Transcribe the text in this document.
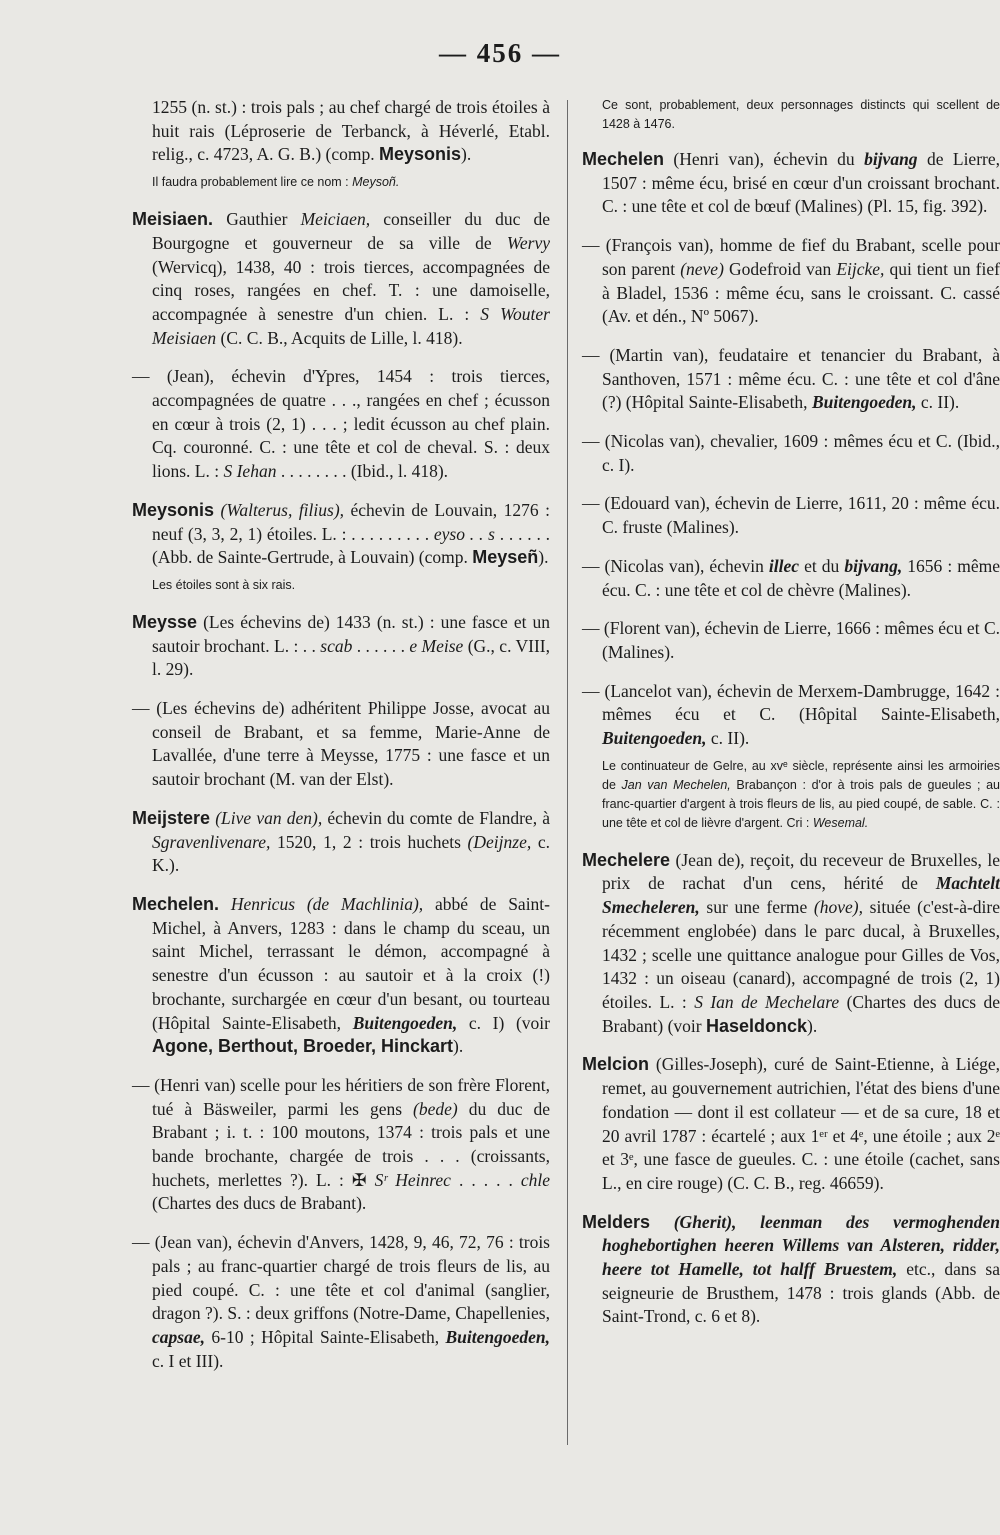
— 456 —

1255 (n. st.) : trois pals ; au chef chargé de trois étoiles à huit rais (Léproserie de Terbanck, à Héverlé, Etabl. relig., c. 4723, A. G. B.) (comp. Meysonis).

Il faudra probablement lire ce nom : Meysoñ.

Meisiaen. Gauthier Meiciaen, conseiller du duc de Bourgogne et gouverneur de sa ville de Wervy (Wervicq), 1438, 40 : trois tierces, accompagnées de cinq roses, rangées en chef. T. : une damoiselle, accompagnée à senestre d'un chien. L. : S Wouter Meisiaen (C. C. B., Acquits de Lille, l. 418).

— (Jean), échevin d'Ypres, 1454 : trois tierces, accompagnées de quatre . . ., rangées en chef ; écusson en cœur à trois (2, 1) . . . ; ledit écusson au chef plain. Cq. couronné. C. : une tête et col de cheval. S. : deux lions. L. : S Iehan . . . . . . . . (Ibid., l. 418).

Meysonis (Walterus, filius), échevin de Louvain, 1276 : neuf (3, 3, 2, 1) étoiles. L. : . . . . . . . . . eyso . . s . . . . . . (Abb. de Sainte-Gertrude, à Louvain) (comp. Meyseñ).

Les étoiles sont à six rais.

Meysse (Les échevins de) 1433 (n. st.) : une fasce et un sautoir brochant. L. : . . scab . . . . . . e Meise (G., c. VIII, l. 29).

— (Les échevins de) adhéritent Philippe Josse, avocat au conseil de Brabant, et sa femme, Marie-Anne de Lavallée, d'une terre à Meysse, 1775 : une fasce et un sautoir brochant (M. van der Elst).

Meijstere (Live van den), échevin du comte de Flandre, à Sgravenlivenare, 1520, 1, 2 : trois huchets (Deijnze, c. K.).

Mechelen. Henricus (de Machlinia), abbé de Saint-Michel, à Anvers, 1283 : dans le champ du sceau, un saint Michel, terrassant le démon, accompagné à senestre d'un écusson : au sautoir et à la croix (!) brochante, surchargée en cœur d'un besant, ou tourteau (Hôpital Sainte-Elisabeth, Buitengoeden, c. I) (voir Agone, Berthout, Broeder, Hinckart).

— (Henri van) scelle pour les héritiers de son frère Florent, tué à Bäsweiler, parmi les gens (bede) du duc de Brabant ; i. t. : 100 moutons, 1374 : trois pals et une bande brochante, chargée de trois . . . (croissants, huchets, merlettes ?). L. : ✠ Sʳ Heinrec . . . . . chle (Chartes des ducs de Brabant).

— (Jean van), échevin d'Anvers, 1428, 9, 46, 72, 76 : trois pals ; au franc-quartier chargé de trois fleurs de lis, au pied coupé. C. : une tête et col d'animal (sanglier, dragon ?). S. : deux griffons (Notre-Dame, Chapellenies, capsae, 6-10 ; Hôpital Sainte-Elisabeth, Buitengoeden, c. I et III).

Ce sont, probablement, deux personnages distincts qui scellent de 1428 à 1476.

Mechelen (Henri van), échevin du bijvang de Lierre, 1507 : même écu, brisé en cœur d'un croissant brochant. C. : une tête et col de bœuf (Malines) (Pl. 15, fig. 392).

— (François van), homme de fief du Brabant, scelle pour son parent (neve) Godefroid van Eijcke, qui tient un fief à Bladel, 1536 : même écu, sans le croissant. C. cassé (Av. et dén., Nº 5067).

— (Martin van), feudataire et tenancier du Brabant, à Santhoven, 1571 : même écu. C. : une tête et col d'âne (?) (Hôpital Sainte-Elisabeth, Buitengoeden, c. II).

— (Nicolas van), chevalier, 1609 : mêmes écu et C. (Ibid., c. I).

— (Edouard van), échevin de Lierre, 1611, 20 : même écu. C. fruste (Malines).

— (Nicolas van), échevin illec et du bijvang, 1656 : même écu. C. : une tête et col de chèvre (Malines).

— (Florent van), échevin de Lierre, 1666 : mêmes écu et C. (Malines).

— (Lancelot van), échevin de Merxem-Dambrugge, 1642 : mêmes écu et C. (Hôpital Sainte-Elisabeth, Buitengoeden, c. II).

Le continuateur de Gelre, au xvᵉ siècle, représente ainsi les armoiries de Jan van Mechelen, Brabançon : d'or à trois pals de gueules ; au franc-quartier d'argent à trois fleurs de lis, au pied coupé, de sable. C. : une tête et col de lièvre d'argent. Cri : Wesemal.

Mechelere (Jean de), reçoit, du receveur de Bruxelles, le prix de rachat d'un cens, hérité de Machtelt Smecheleren, sur une ferme (hove), située (c'est-à-dire récemment englobée) dans le parc ducal, à Bruxelles, 1432 ; scelle une quittance analogue pour Gilles de Vos, 1432 : un oiseau (canard), accompagné de trois (2, 1) étoiles. L. : S Ian de Mechelare (Chartes des ducs de Brabant) (voir Haseldonck).

Melcion (Gilles-Joseph), curé de Saint-Etienne, à Liége, remet, au gouvernement autrichien, l'état des biens d'une fondation — dont il est collateur — et de sa cure, 18 et 20 avril 1787 : écartelé ; aux 1ᵉʳ et 4ᵉ, une étoile ; aux 2ᵉ et 3ᵉ, une fasce de gueules. C. : une étoile (cachet, sans L., en cire rouge) (C. C. B., reg. 46659).

Melders (Gherit), leenman des vermoghenden hoghebortighen heeren Willems van Alsteren, ridder, heere tot Hamelle, tot halff Bruestem, etc., dans sa seigneurie de Brusthem, 1478 : trois glands (Abb. de Saint-Trond, c. 6 et 8).
